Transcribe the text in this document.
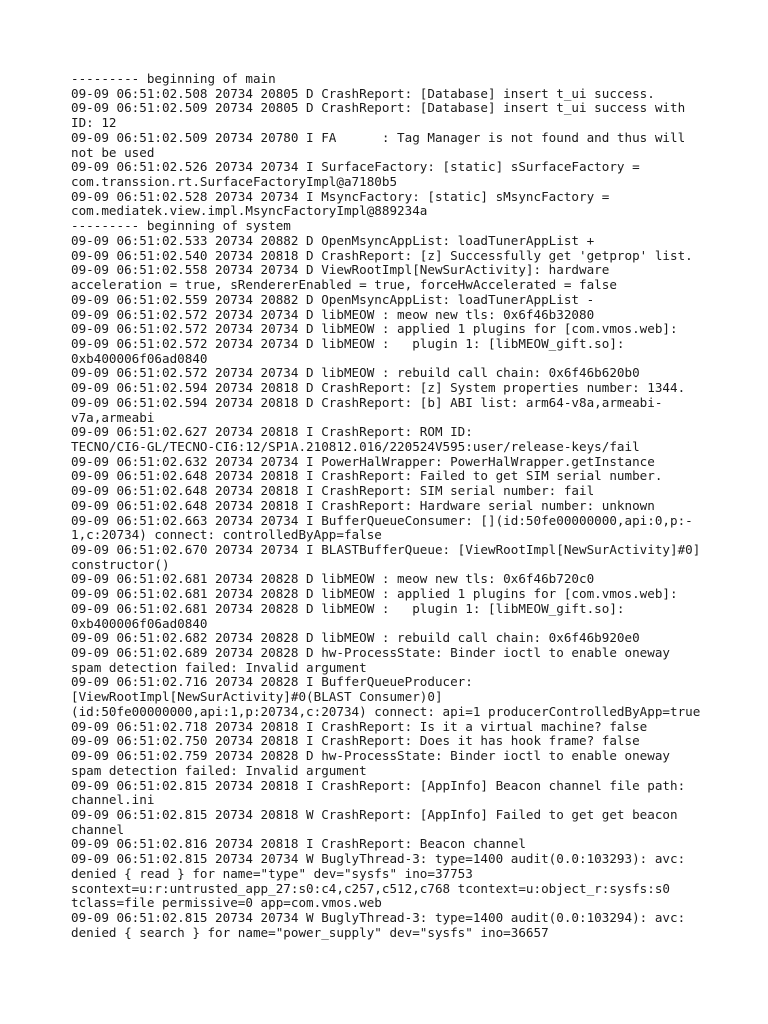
--------- beginning of main
09-09 06:51:02.508 20734 20805 D CrashReport: [Database] insert t_ui success.
09-09 06:51:02.509 20734 20805 D CrashReport: [Database] insert t_ui success with
ID: 12
09-09 06:51:02.509 20734 20780 I FA      : Tag Manager is not found and thus will
not be used
09-09 06:51:02.526 20734 20734 I SurfaceFactory: [static] sSurfaceFactory =
com.transsion.rt.SurfaceFactoryImpl@a7180b5
09-09 06:51:02.528 20734 20734 I MsyncFactory: [static] sMsyncFactory =
com.mediatek.view.impl.MsyncFactoryImpl@889234a
--------- beginning of system
09-09 06:51:02.533 20734 20882 D OpenMsyncAppList: loadTunerAppList +
09-09 06:51:02.540 20734 20818 D CrashReport: [z] Successfully get 'getprop' list.
09-09 06:51:02.558 20734 20734 D ViewRootImpl[NewSurActivity]: hardware
acceleration = true, sRendererEnabled = true, forceHwAccelerated = false
09-09 06:51:02.559 20734 20882 D OpenMsyncAppList: loadTunerAppList -
09-09 06:51:02.572 20734 20734 D libMEOW : meow new tls: 0x6f46b32080
09-09 06:51:02.572 20734 20734 D libMEOW : applied 1 plugins for [com.vmos.web]:
09-09 06:51:02.572 20734 20734 D libMEOW :   plugin 1: [libMEOW_gift.so]:
0xb400006f06ad0840
09-09 06:51:02.572 20734 20734 D libMEOW : rebuild call chain: 0x6f46b620b0
09-09 06:51:02.594 20734 20818 D CrashReport: [z] System properties number: 1344.
09-09 06:51:02.594 20734 20818 D CrashReport: [b] ABI list: arm64-v8a,armeabi-
v7a,armeabi
09-09 06:51:02.627 20734 20818 I CrashReport: ROM ID:
TECNO/CI6-GL/TECNO-CI6:12/SP1A.210812.016/220524V595:user/release-keys/fail
09-09 06:51:02.632 20734 20734 I PowerHalWrapper: PowerHalWrapper.getInstance
09-09 06:51:02.648 20734 20818 I CrashReport: Failed to get SIM serial number.
09-09 06:51:02.648 20734 20818 I CrashReport: SIM serial number: fail
09-09 06:51:02.648 20734 20818 I CrashReport: Hardware serial number: unknown
09-09 06:51:02.663 20734 20734 I BufferQueueConsumer: [](id:50fe00000000,api:0,p:-
1,c:20734) connect: controlledByApp=false
09-09 06:51:02.670 20734 20734 I BLASTBufferQueue: [ViewRootImpl[NewSurActivity]#0]
constructor()
09-09 06:51:02.681 20734 20828 D libMEOW : meow new tls: 0x6f46b720c0
09-09 06:51:02.681 20734 20828 D libMEOW : applied 1 plugins for [com.vmos.web]:
09-09 06:51:02.681 20734 20828 D libMEOW :   plugin 1: [libMEOW_gift.so]:
0xb400006f06ad0840
09-09 06:51:02.682 20734 20828 D libMEOW : rebuild call chain: 0x6f46b920e0
09-09 06:51:02.689 20734 20828 D hw-ProcessState: Binder ioctl to enable oneway
spam detection failed: Invalid argument
09-09 06:51:02.716 20734 20828 I BufferQueueProducer:
[ViewRootImpl[NewSurActivity]#0(BLAST Consumer)0]
(id:50fe00000000,api:1,p:20734,c:20734) connect: api=1 producerControlledByApp=true
09-09 06:51:02.718 20734 20818 I CrashReport: Is it a virtual machine? false
09-09 06:51:02.750 20734 20818 I CrashReport: Does it has hook frame? false
09-09 06:51:02.759 20734 20828 D hw-ProcessState: Binder ioctl to enable oneway
spam detection failed: Invalid argument
09-09 06:51:02.815 20734 20818 I CrashReport: [AppInfo] Beacon channel file path:
channel.ini
09-09 06:51:02.815 20734 20818 W CrashReport: [AppInfo] Failed to get get beacon
channel
09-09 06:51:02.816 20734 20818 I CrashReport: Beacon channel
09-09 06:51:02.815 20734 20734 W BuglyThread-3: type=1400 audit(0.0:103293): avc:
denied { read } for name="type" dev="sysfs" ino=37753
scontext=u:r:untrusted_app_27:s0:c4,c257,c512,c768 tcontext=u:object_r:sysfs:s0
tclass=file permissive=0 app=com.vmos.web
09-09 06:51:02.815 20734 20734 W BuglyThread-3: type=1400 audit(0.0:103294): avc:
denied { search } for name="power_supply" dev="sysfs" ino=36657
